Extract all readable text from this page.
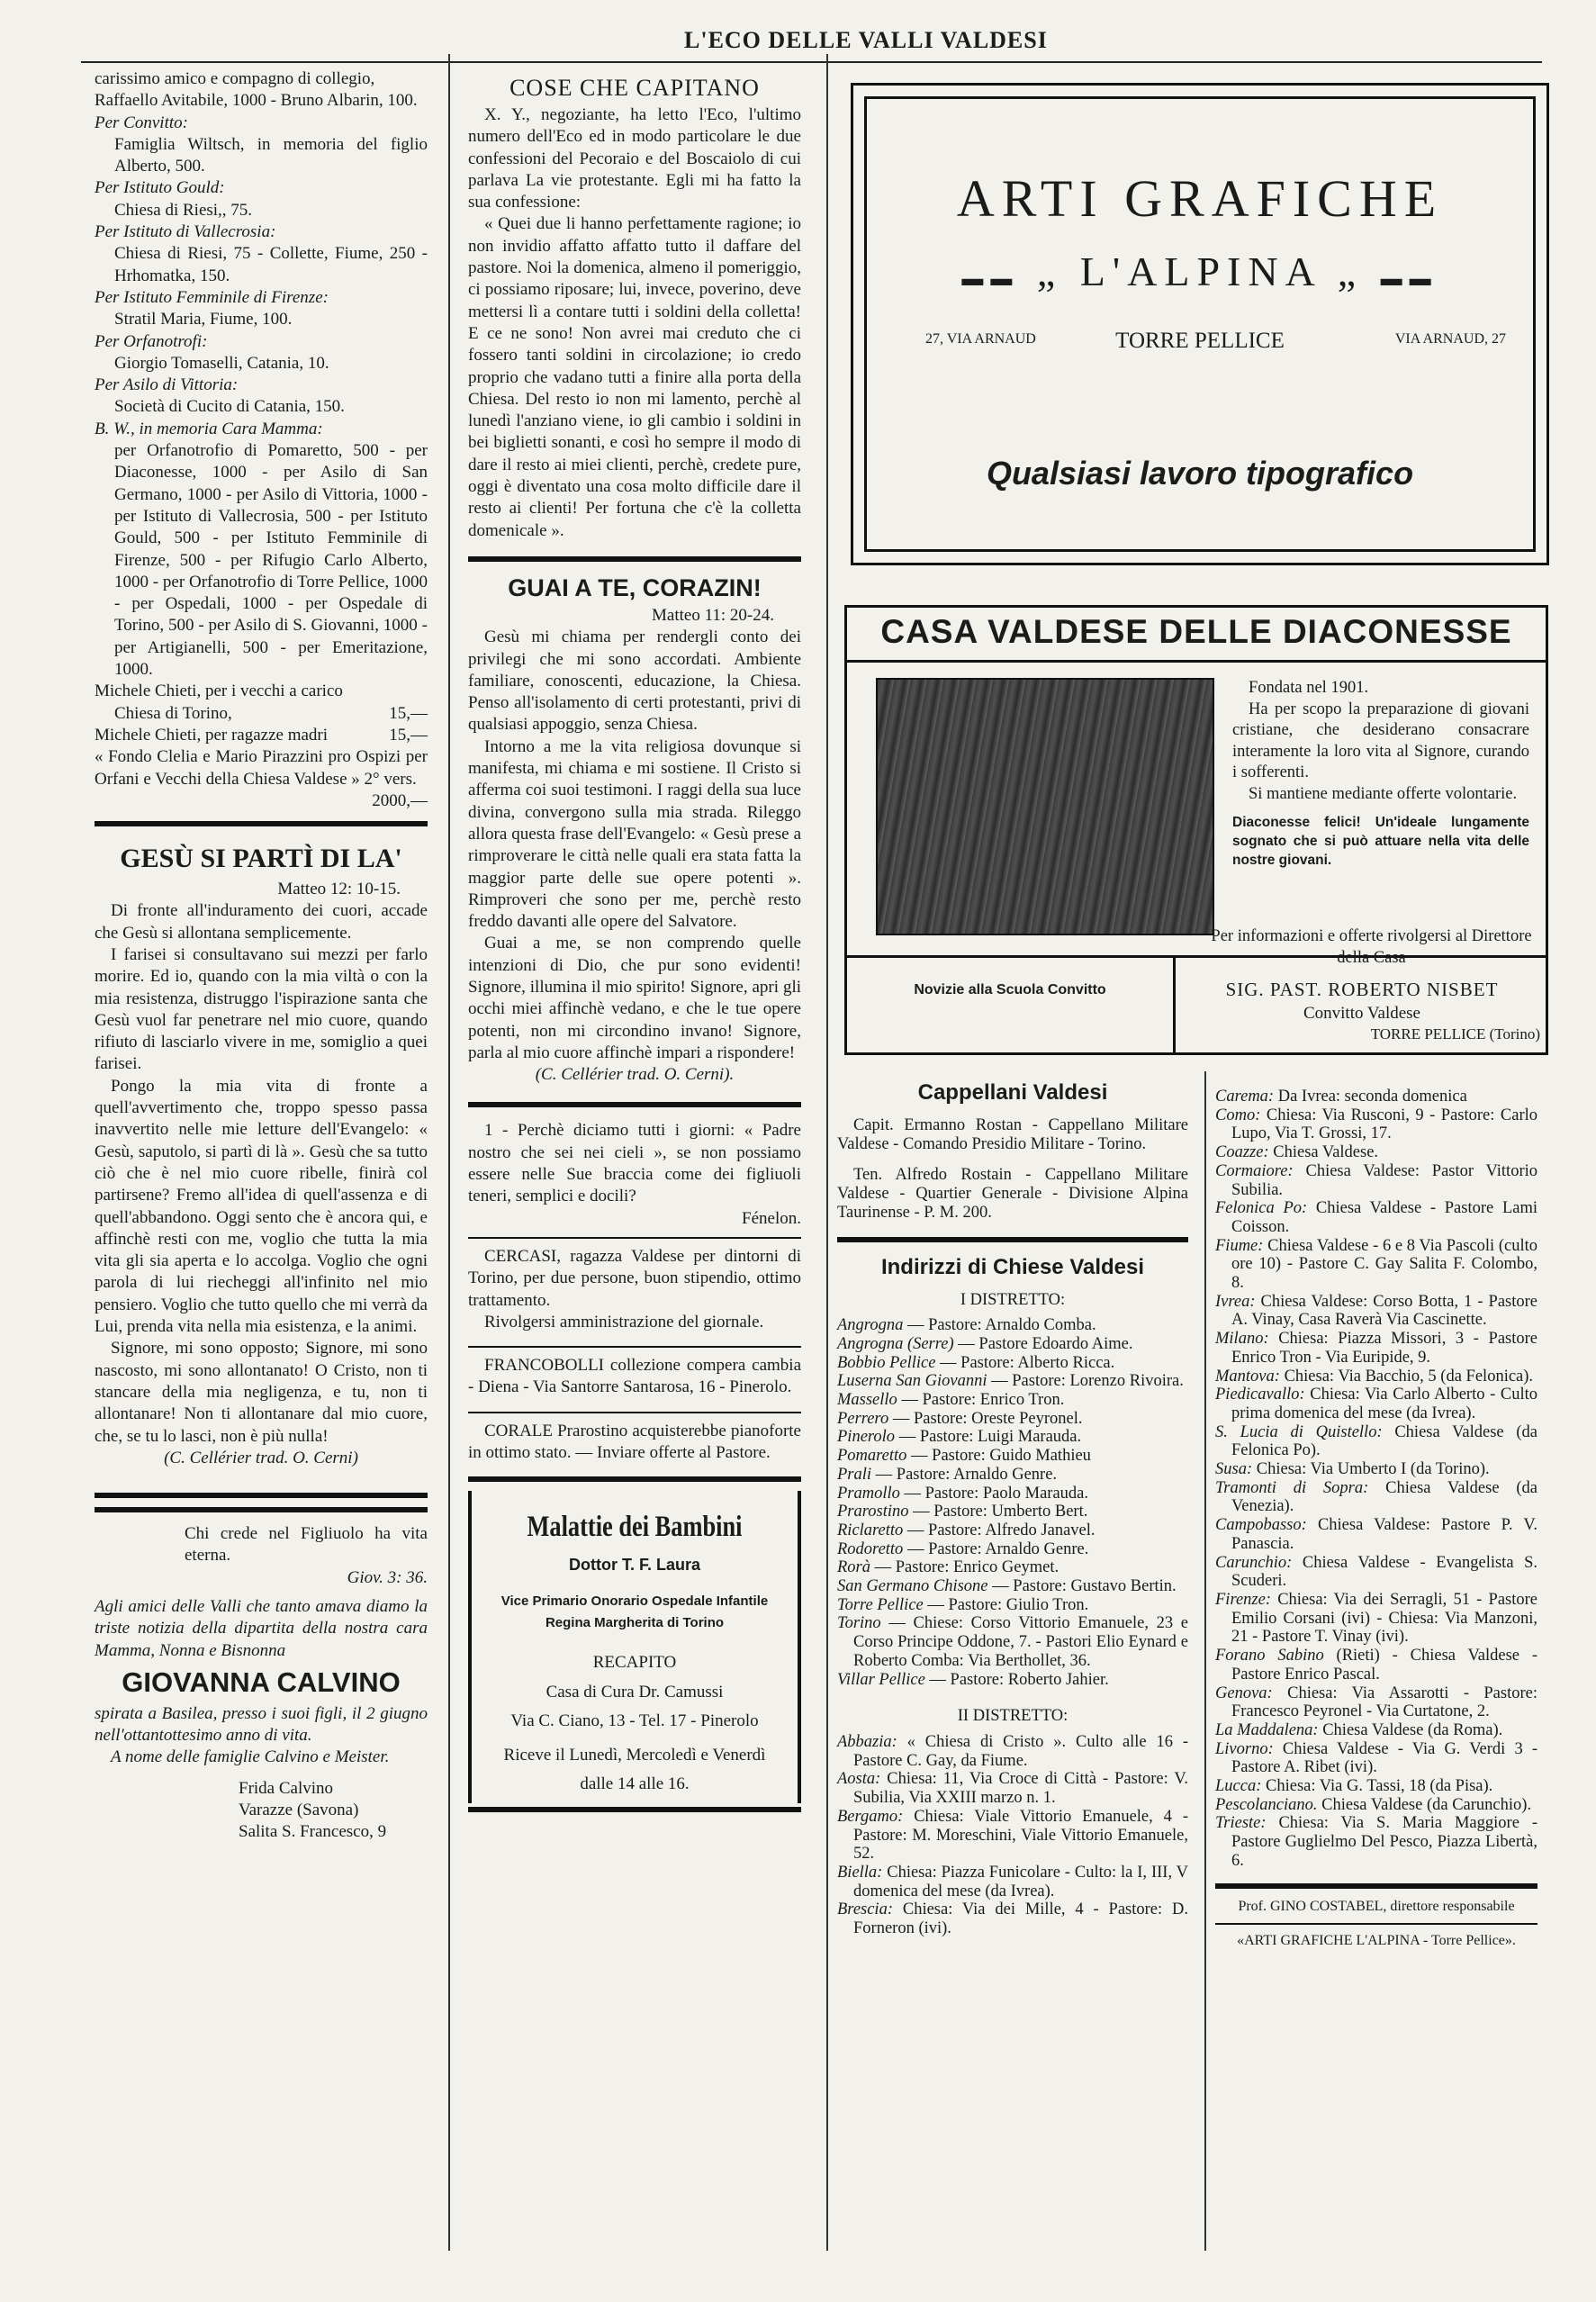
L'ECO DELLE VALLI VALDESI

carissimo amico e compagno di collegio,

Raffaello Avitabile, 1000 - Bruno Albarin, 100.

Per Convitto:

Famiglia Wiltsch, in memoria del figlio Alberto, 500.

Per Istituto Gould:

Chiesa di Riesi,, 75.

Per Istituto di Vallecrosia:

Chiesa di Riesi, 75 - Collette, Fiume, 250 - Hrhomatka, 150.

Per Istituto Femminile di Firenze:

Stratil Maria, Fiume, 100.

Per Orfanotrofi:

Giorgio Tomaselli, Catania, 10.

Per Asilo di Vittoria:

Società di Cucito di Catania, 150.

B. W., in memoria Cara Mamma:

per Orfanotrofio di Pomaretto, 500 - per Diaconesse, 1000 - per Asilo di San Germano, 1000 - per Asilo di Vittoria, 1000 - per Istituto di Vallecrosia, 500 - per Istituto Gould, 500 - per Istituto Femminile di Firenze, 500 - per Rifugio Carlo Alberto, 1000 - per Orfanotrofio di Torre Pellice, 1000 - per Ospedali, 1000 - per Ospedale di Torino, 500 - per Asilo di S. Giovanni, 1000 - per Artigianelli, 500 - per Emeritazione, 1000.

Michele Chieti, per i vecchi a carico

Chiesa di Torino,	15,—

Michele Chieti, per ragazze madri	15,—

« Fondo Clelia e Mario Pirazzini pro Ospizi per Orfani e Vecchi della Chiesa Valdese » 2° vers.

2000,—

GESÙ SI PARTÌ DI LA'

Matteo 12: 10-15.

Di fronte all'induramento dei cuori, accade che Gesù si allontana semplicemente.

I farisei si consultavano sui mezzi per farlo morire. Ed io, quando con la mia viltà o con la mia resistenza, distruggo l'ispirazione santa che Gesù vuol far penetrare nel mio cuore, quando rifiuto di lasciarlo vivere in me, somiglio a quei farisei.

Pongo la mia vita di fronte a quell'avvertimento che, troppo spesso passa inavvertito nelle mie letture dell'Evangelo: « Gesù, saputolo, si partì di là ». Gesù che sa tutto ciò che è nel mio cuore ribelle, finirà col partirsene? Fremo all'idea di quell'assenza e di quell'abbandono. Oggi sento che è ancora qui, e affinchè resti con me, voglio che tutta la mia vita gli sia aperta e lo accolga. Voglio che ogni parola di lui riecheggi all'infinito nel mio pensiero. Voglio che tutto quello che mi verrà da Lui, prenda vita nella mia esistenza, e la animi.

Signore, mi sono opposto; Signore, mi sono nascosto, mi sono allontanato! O Cristo, non ti stancare della mia negligenza, e tu, non ti allontanare! Non ti allontanare dal mio cuore, che, se tu lo lasci, non è più nulla!

(C. Cellérier trad. O. Cerni)

Chi crede nel Figliuolo ha vita eterna.

Giov. 3: 36.

Agli amici delle Valli che tanto amava diamo la triste notizia della dipartita della nostra cara Mamma, Nonna e Bisnonna

GIOVANNA CALVINO

spirata a Basilea, presso i suoi figli, il 2 giugno nell'ottantottesimo anno di vita.

A nome delle famiglie Calvino e Meister.

Frida Calvino

Varazze (Savona)

Salita S. Francesco, 9

COSE CHE CAPITANO

X. Y., negoziante, ha letto l'Eco, l'ultimo numero dell'Eco ed in modo particolare le due confessioni del Pecoraio e del Boscaiolo di cui parlava La vie protestante. Egli mi ha fatto la sua confessione:

« Quei due li hanno perfettamente ragione; io non invidio affatto affatto tutto il daffare del pastore. Noi la domenica, almeno il pomeriggio, ci possiamo riposare; lui, invece, poverino, deve mettersi lì a contare tutti i soldini della colletta! E ce ne sono! Non avrei mai creduto che ci fossero tanti soldini in circolazione; io credo proprio che vadano tutti a finire alla porta della Chiesa. Del resto io non mi lamento, perchè al lunedì l'anziano viene, io gli cambio i soldini in bei biglietti sonanti, e così ho sempre il modo di dare il resto ai miei clienti, perchè, credete pure, oggi è diventato una cosa molto difficile dare il resto ai clienti! Per fortuna che c'è la colletta domenicale ».

GUAI A TE, CORAZIN!

Matteo 11: 20-24.

Gesù mi chiama per rendergli conto dei privilegi che mi sono accordati. Ambiente familiare, conoscenti, educazione, la Chiesa. Penso all'isolamento di certi protestanti, privi di qualsiasi appoggio, senza Chiesa.

Intorno a me la vita religiosa dovunque si manifesta, mi chiama e mi sostiene. Il Cristo si afferma coi suoi testimoni. I raggi della sua luce divina, convergono sulla mia strada. Rileggo allora questa frase dell'Evangelo: « Gesù prese a rimproverare le città nelle quali era stata fatta la maggior parte delle sue opere potenti ». Rimproveri che sono per me, perchè resto freddo davanti alle opere del Salvatore.

Guai a me, se non comprendo quelle intenzioni di Dio, che pur sono evidenti! Signore, illumina il mio spirito! Signore, apri gli occhi miei affinchè vedano, e che le tue opere potenti, non mi circondino invano! Signore, parla al mio cuore affinchè impari a rispondere!

(C. Cellérier trad. O. Cerni).

1 - Perchè diciamo tutti i giorni: « Padre nostro che sei nei cieli », se non possiamo essere nelle Sue braccia come dei figliuoli teneri, semplici e docili?

Fénelon.

CERCASI, ragazza Valdese per dintorni di Torino, per due persone, buon stipendio, ottimo trattamento.

Rivolgersi amministrazione del giornale.

FRANCOBOLLI collezione compera cambia - Diena - Via Santorre Santarosa, 16 - Pinerolo.

CORALE Prarostino acquisterebbe pianoforte in ottimo stato. — Inviare offerte al Pastore.

Malattie dei Bambini

Dottor T. F. Laura

Vice Primario Onorario Ospedale Infantile

Regina Margherita di Torino

RECAPITO

Casa di Cura Dr. Camussi

Via C. Ciano, 13 - Tel. 17 - Pinerolo

Riceve il Lunedì, Mercoledì e Venerdì

dalle 14 alle 16.

ARTI GRAFICHE

▬▬ „ L'ALPINA „ ▬▬

27, VIA ARNAUD	TORRE PELLICE	VIA ARNAUD, 27

Qualsiasi lavoro tipografico

CASA VALDESE DELLE DIACONESSE

Fondata nel 1901.

Ha per scopo la preparazione di giovani cristiane, che desiderano consacrare interamente la loro vita al Signore, curando i sofferenti.

Si mantiene mediante offerte volontarie.

Diaconesse felici! Un'ideale lungamente sognato che si può attuare nella vita delle nostre giovani.

Novizie alla Scuola Convitto

Per informazioni e offerte rivolgersi al Direttore della Casa

SIG. PAST. ROBERTO NISBET

Convitto Valdese

TORRE PELLICE (Torino)

Cappellani Valdesi

Capit. Ermanno Rostan - Cappellano Militare Valdese - Comando Presidio Militare - Torino.

Ten. Alfredo Rostain - Cappellano Militare Valdese - Quartier Generale - Divisione Alpina Taurinense - P. M. 200.

Indirizzi di Chiese Valdesi

I DISTRETTO:

Angrogna — Pastore: Arnaldo Comba.

Angrogna (Serre) — Pastore Edoardo Aime.

Bobbio Pellice — Pastore: Alberto Ricca.

Luserna San Giovanni — Pastore: Lorenzo Rivoira.

Massello — Pastore: Enrico Tron.

Perrero — Pastore: Oreste Peyronel.

Pinerolo — Pastore: Luigi Marauda.

Pomaretto — Pastore: Guido Mathieu

Prali — Pastore: Arnaldo Genre.

Pramollo — Pastore: Paolo Marauda.

Prarostino — Pastore: Umberto Bert.

Riclaretto — Pastore: Alfredo Janavel.

Rodoretto — Pastore: Arnaldo Genre.

Rorà — Pastore: Enrico Geymet.

San Germano Chisone — Pastore: Gustavo Bertin.

Torre Pellice — Pastore: Giulio Tron.

Torino — Chiese: Corso Vittorio Emanuele, 23 e Corso Principe Oddone, 7. - Pastori Elio Eynard e Roberto Comba: Via Berthollet, 36.

Villar Pellice — Pastore: Roberto Jahier.

II DISTRETTO:

Abbazia: « Chiesa di Cristo ». Culto alle 16 - Pastore C. Gay, da Fiume.

Aosta: Chiesa: 11, Via Croce di Città - Pastore: V. Subilia, Via XXIII marzo n. 1.

Bergamo: Chiesa: Viale Vittorio Emanuele, 4 - Pastore: M. Moreschini, Viale Vittorio Emanuele, 52.

Biella: Chiesa: Piazza Funicolare - Culto: la I, III, V domenica del mese (da Ivrea).

Brescia: Chiesa: Via dei Mille, 4 - Pastore: D. Forneron (ivi).

Carema: Da Ivrea: seconda domenica

Como: Chiesa: Via Rusconi, 9 - Pastore: Carlo Lupo, Via T. Grossi, 17.

Coazze: Chiesa Valdese.

Cormaiore: Chiesa Valdese: Pastor Vittorio Subilia.

Felonica Po: Chiesa Valdese - Pastore Lami Coisson.

Fiume: Chiesa Valdese - 6 e 8 Via Pascoli (culto ore 10) - Pastore C. Gay Salita F. Colombo, 8.

Ivrea: Chiesa Valdese: Corso Botta, 1 - Pastore A. Vinay, Casa Raverà Via Cascinette.

Milano: Chiesa: Piazza Missori, 3 - Pastore Enrico Tron - Via Euripide, 9.

Mantova: Chiesa: Via Bacchio, 5 (da Felonica).

Piedicavallo: Chiesa: Via Carlo Alberto - Culto prima domenica del mese (da Ivrea).

S. Lucia di Quistello: Chiesa Valdese (da Felonica Po).

Susa: Chiesa: Via Umberto I (da Torino).

Tramonti di Sopra: Chiesa Valdese (da Venezia).

Campobasso: Chiesa Valdese: Pastore P. V. Panascia.

Carunchio: Chiesa Valdese - Evangelista S. Scuderi.

Firenze: Chiesa: Via dei Serragli, 51 - Pastore Emilio Corsani (ivi) - Chiesa: Via Manzoni, 21 - Pastore T. Vinay (ivi).

Forano Sabino (Rieti) - Chiesa Valdese - Pastore Enrico Pascal.

Genova: Chiesa: Via Assarotti - Pastore: Francesco Peyronel - Via Curtatone, 2.

La Maddalena: Chiesa Valdese (da Roma).

Livorno: Chiesa Valdese - Via G. Verdi 3 - Pastore A. Ribet (ivi).

Lucca: Chiesa: Via G. Tassi, 18 (da Pisa).

Pescolanciano. Chiesa Valdese (da Carunchio).

Trieste: Chiesa: Via S. Maria Maggiore - Pastore Guglielmo Del Pesco, Piazza Libertà, 6.

Prof. GINO COSTABEL, direttore responsabile

«ARTI GRAFICHE L'ALPINA - Torre Pellice».
